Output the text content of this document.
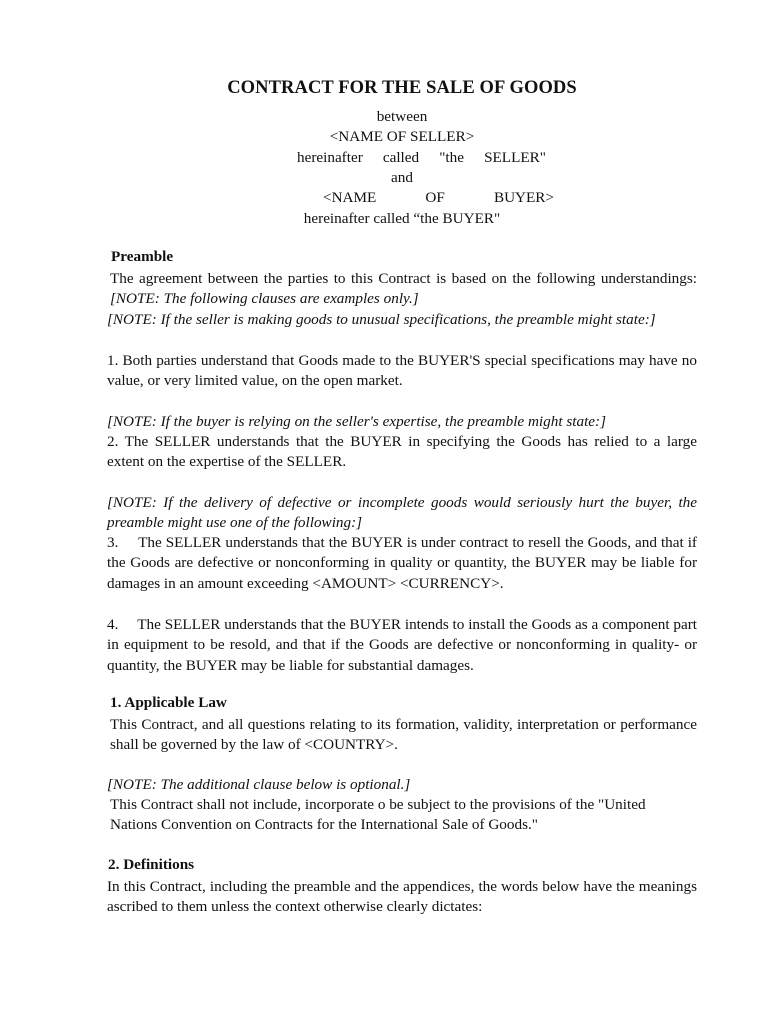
CONTRACT FOR THE SALE OF GOODS
between
<NAME OF SELLER>
hereinafter called "the SELLER"
and
<NAME	OF	BUYER>
hereinafter called “the BUYER"
Preamble
The agreement between the parties to this Contract is based on the following understandings: [NOTE: The following clauses are examples only.]
[NOTE: If the seller is making goods to unusual specifications, the preamble might state:]
1. Both parties understand that Goods made to the BUYER'S special specifications may have no value, or very limited value, on the open market.
[NOTE: If the buyer is relying on the seller's expertise, the preamble might state:]
2. The SELLER understands that the BUYER in specifying the Goods has relied to a large extent on the expertise of the SELLER.
[NOTE: If the delivery of defective or incomplete goods would seriously hurt the buyer, the preamble might use one of the following:]
3.     The SELLER understands that the BUYER is under contract to resell the Goods, and that if the Goods are defective or nonconforming in quality or quantity, the BUYER may be liable for damages in an amount exceeding <AMOUNT> <CURRENCY>.
4.     The SELLER understands that the BUYER intends to install the Goods as a component part in equipment to be resold, and that if the Goods are defective or nonconforming in quality- or quantity, the BUYER may be liable for substantial damages.
1. Applicable Law
This Contract, and all questions relating to its formation, validity, interpretation or performance shall be governed by the law of <COUNTRY>.
[NOTE: The additional clause below is optional.]
This Contract shall not include, incorporate o be subject to the provisions of the "United Nations Convention on Contracts for the International Sale of Goods."
2. Definitions
In this Contract, including the preamble and the appendices, the words below have the meanings ascribed to them unless the context otherwise clearly dictates:
